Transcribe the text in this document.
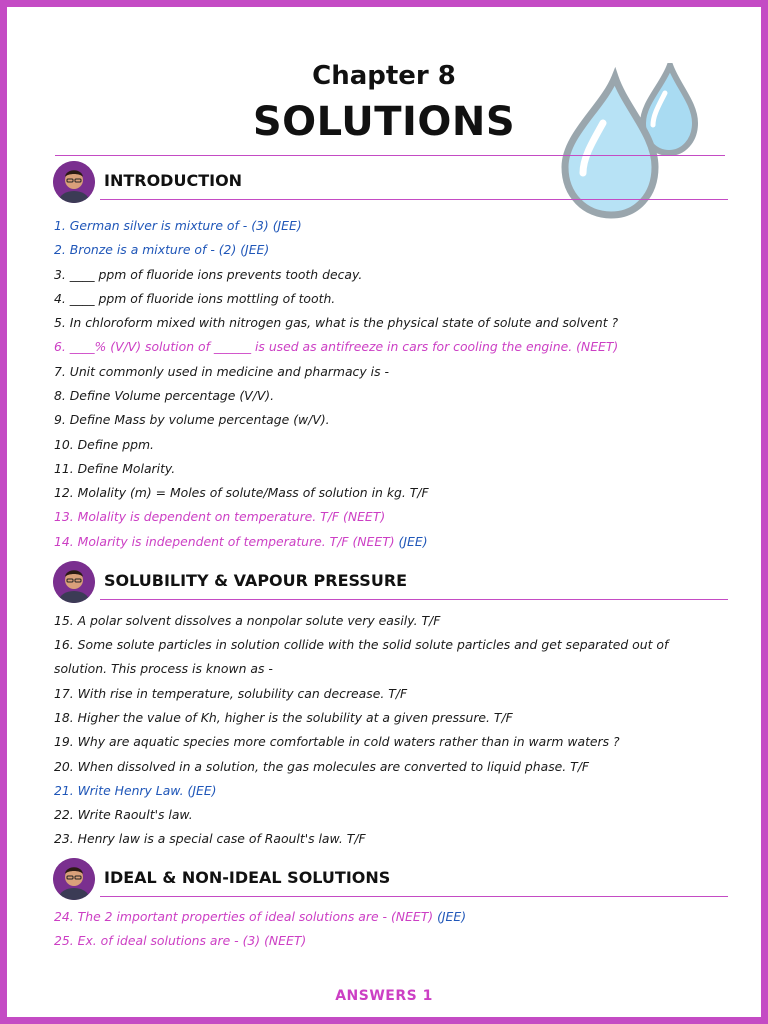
Chapter 8
SOLUTIONS
INTRODUCTION
1. German silver is mixture of - (3) (JEE)
2. Bronze is a mixture of - (2) (JEE)
3. ____ ppm of fluoride ions prevents tooth decay.
4. ____ ppm of fluoride ions mottling of tooth.
5. In chloroform mixed with nitrogen gas, what is the physical state of solute and solvent ?
6. ____% (V/V) solution of ______ is used as antifreeze in cars for cooling the engine. (NEET)
7. Unit commonly used in medicine and pharmacy is -
8. Define Volume percentage (V/V).
9. Define Mass by volume percentage (w/V).
10. Define ppm.
11. Define Molarity.
12. Molality (m) = Moles of solute/Mass of solution in kg. T/F
13. Molality is dependent on temperature. T/F (NEET)
14. Molarity is independent of temperature. T/F (NEET) (JEE)
SOLUBILITY & VAPOUR PRESSURE
15. A polar solvent dissolves a nonpolar solute very easily. T/F
16. Some solute particles in solution collide with the solid solute particles and get separated out of solution. This process is known as -
17. With rise in temperature, solubility can decrease. T/F
18. Higher the value of Kh, higher is the solubility at a given pressure. T/F
19. Why are aquatic species more comfortable in cold waters rather than in warm waters ?
20. When dissolved in a solution, the gas molecules are converted to liquid phase. T/F
21. Write Henry Law. (JEE)
22. Write Raoult's law.
23. Henry law is a special case of Raoult's law. T/F
IDEAL & NON-IDEAL SOLUTIONS
24. The 2 important properties of ideal solutions are - (NEET) (JEE)
25. Ex. of ideal solutions are - (3) (NEET)
ANSWERS 1
